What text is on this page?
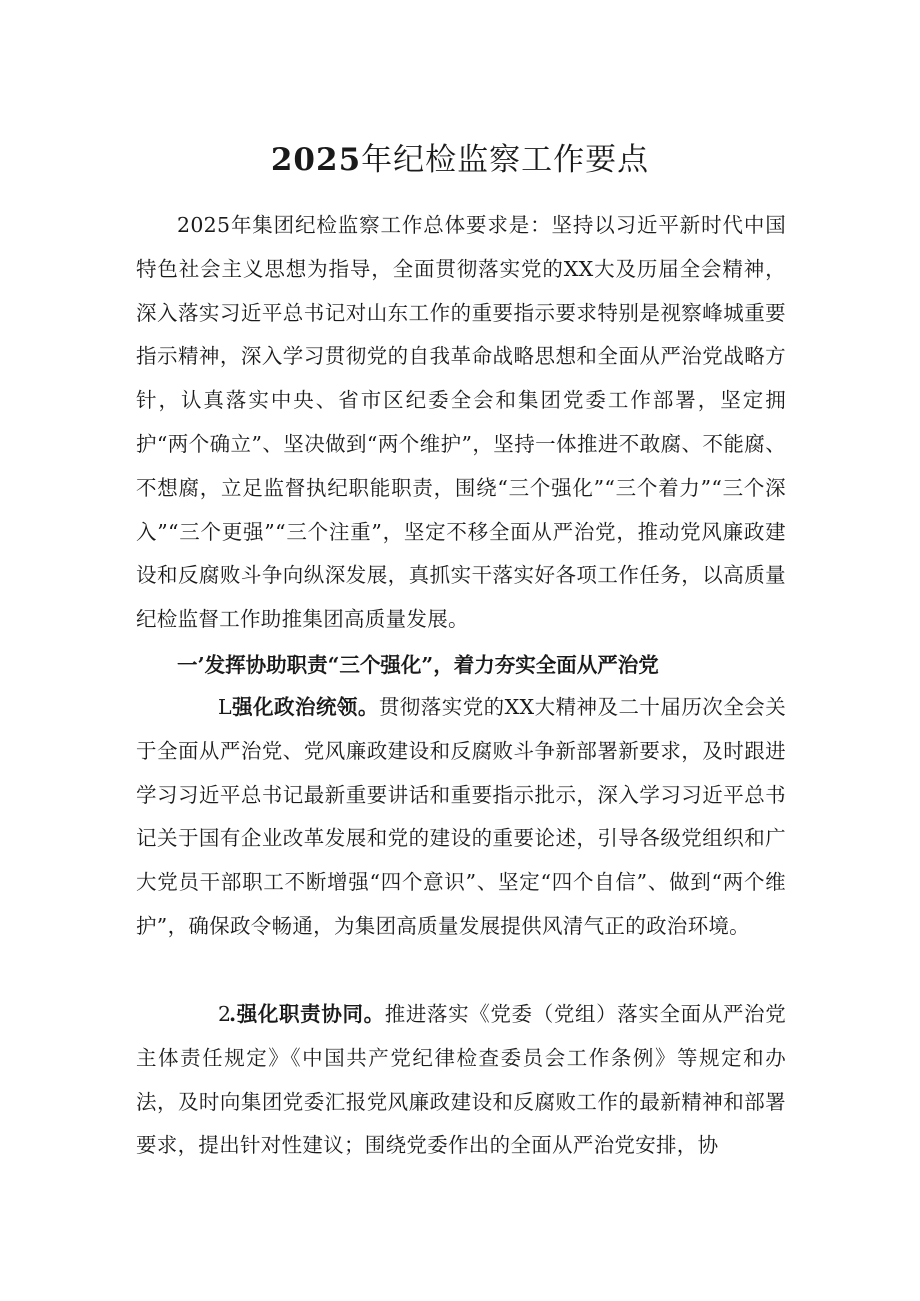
2025年纪检监察工作要点

2025年集团纪检监察工作总体要求是：坚持以习近平新时代中国特色社会主义思想为指导，全面贯彻落实党的XX大及历届全会精神，深入落实习近平总书记对山东工作的重要指示要求特别是视察峰城重要指示精神，深入学习贯彻党的自我革命战略思想和全面从严治党战略方针，认真落实中央、省市区纪委全会和集团党委工作部署，坚定拥护“两个确立”、坚决做到“两个维护”，坚持一体推进不敢腐、不能腐、不想腐，立足监督执纪职能职责，围绕“三个强化”“三个着力”“三个深入”“三个更强”“三个注重”，坚定不移全面从严治党，推动党风廉政建设和反腐败斗争向纵深发展，真抓实干落实好各项工作任务，以高质量纪检监督工作助推集团高质量发展。

一’发挥协助职责“三个强化”，着力夯实全面从严治党

L强化政治统领。贯彻落实党的XX大精神及二十届历次全会关于全面从严治党、党风廉政建设和反腐败斗争新部署新要求，及时跟进学习习近平总书记最新重要讲话和重要指示批示，深入学习习近平总书记关于国有企业改革发展和党的建设的重要论述，引导各级党组织和广大党员干部职工不断增强“四个意识”、坚定“四个自信”、做到“两个维护”，确保政令畅通，为集团高质量发展提供风清气正的政治环境。

2.强化职责协同。推进落实《党委（党组）落实全面从严治党主体责任规定》《中国共产党纪律检查委员会工作条例》等规定和办法，及时向集团党委汇报党风廉政建设和反腐败工作的最新精神和部署要求，提出针对性建议；围绕党委作出的全面从严治党安排，协
